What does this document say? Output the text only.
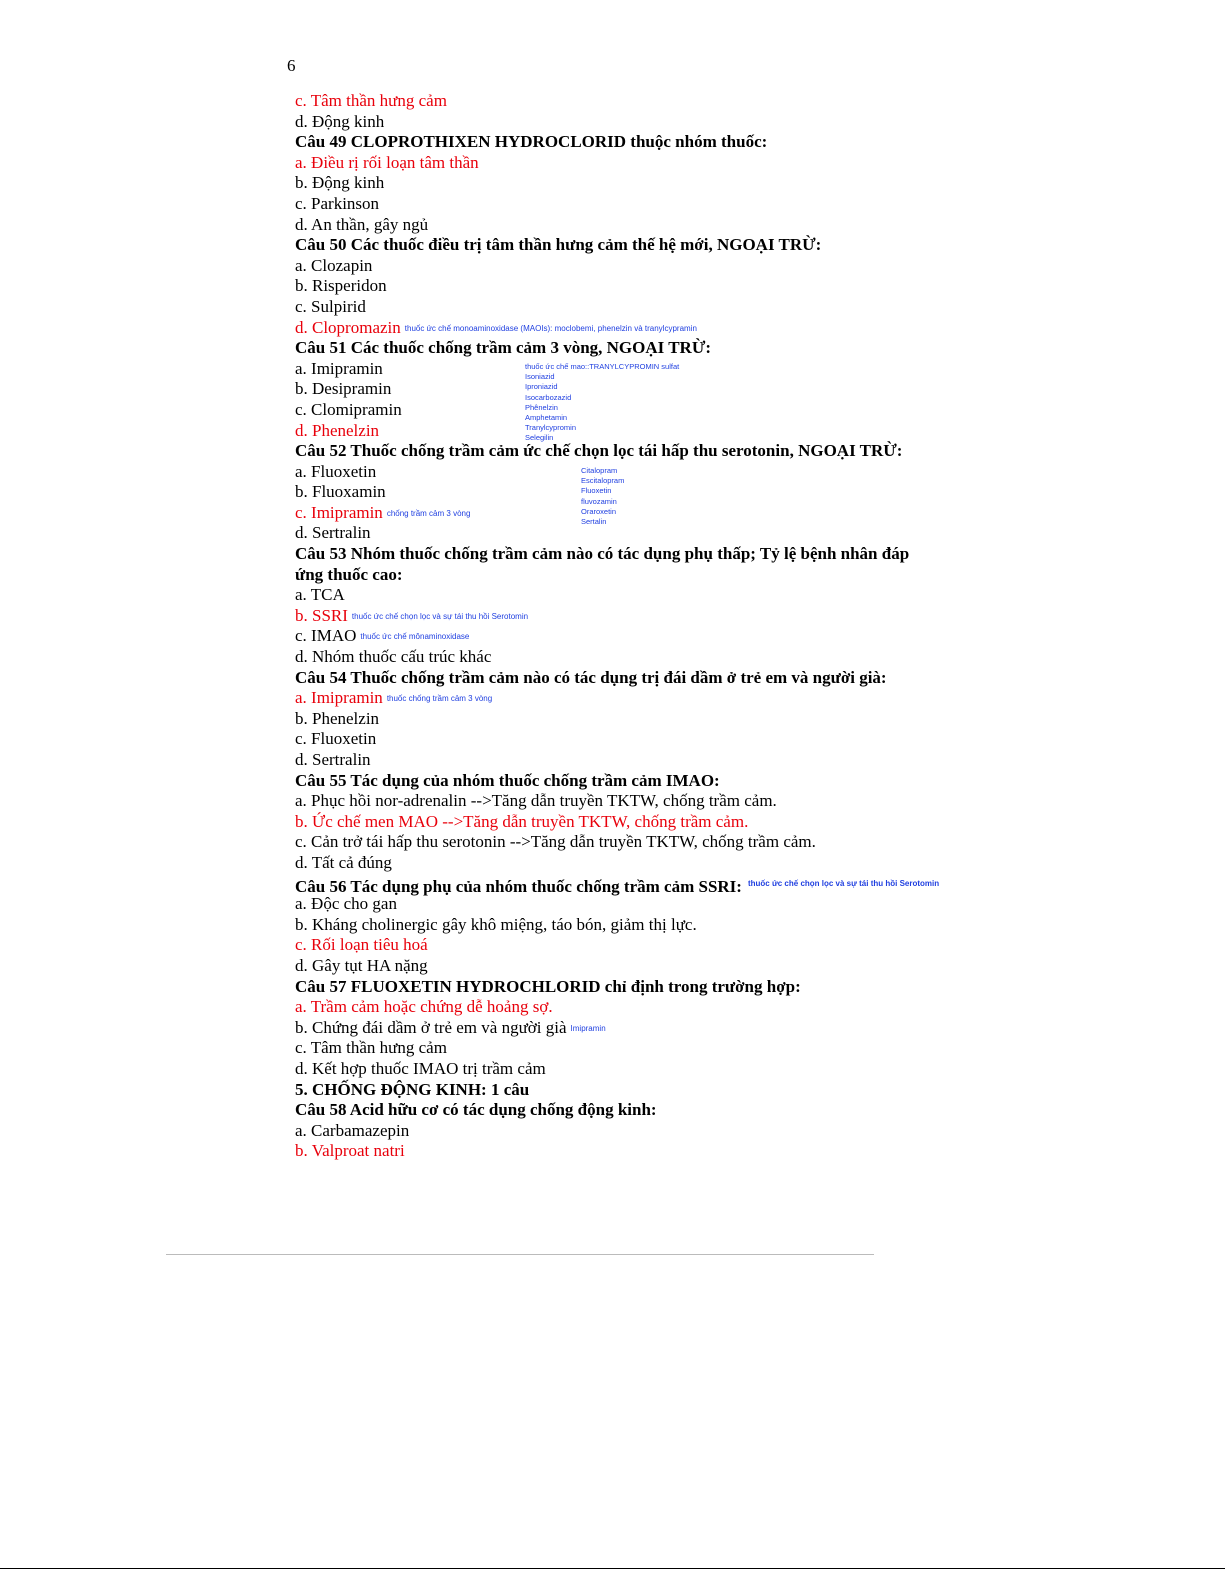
6
c. Tâm thần hưng cảm
d. Động kinh
Câu 49 CLOPROTHIXEN HYDROCLORID thuộc nhóm thuốc:
a. Điều rị rối loạn tâm thần
b. Động kinh
c. Parkinson
d. An thần, gây ngủ
Câu 50 Các thuốc điều trị tâm thần hưng cảm thế hệ mới, NGOẠI TRỪ:
a. Clozapin
b. Risperidon
c. Sulpirid
d. Clopromazin thuốc ức chế monoaminoxidase (MAOIs): moclobemi, phenelzin và tranylcypramin
Câu 51 Các thuốc chống trầm cảm 3 vòng, NGOẠI TRỪ:
a. Imipramin
b. Desipramin
c. Clomipramin
d. Phenelzin
Câu 52 Thuốc chống trầm cảm ức chế chọn lọc tái hấp thu serotonin, NGOẠI TRỪ:
a. Fluoxetin
b. Fluoxamin
c. Imipramin chống trầm cảm 3 vòng
d. Sertralin
Câu 53 Nhóm thuốc chống trầm cảm nào có tác dụng phụ thấp; Tỷ lệ bệnh nhân đáp
ứng thuốc cao:
a. TCA
b. SSRI thuốc ức chế chọn lọc và sự tái thu hồi Serotomin
c. IMAO thuốc ức chế mônaminoxidase
d. Nhóm thuốc cấu trúc khác
Câu 54 Thuốc chống trầm cảm nào có tác dụng trị đái dầm ở trẻ em và người già:
a. Imipramin thuốc chống trầm cảm 3 vòng
b. Phenelzin
c. Fluoxetin
d. Sertralin
Câu 55 Tác dụng của nhóm thuốc chống trầm cảm IMAO:
a. Phục hồi nor-adrenalin -->Tăng dẫn truyền TKTW, chống trầm cảm.
b. Ức chế men MAO -->Tăng dẫn truyền TKTW, chống trầm cảm.
c. Cản trở tái hấp thu serotonin -->Tăng dẫn truyền TKTW, chống trầm cảm.
d. Tất cả đúng
Câu 56 Tác dụng phụ của nhóm thuốc chống trầm cảm SSRI: $^{thuốc ức chế chọn lọc và sự tái thu hồi Serotomin}$
a. Độc cho gan
b. Kháng cholinergic gây khô miệng, táo bón, giảm thị lực.
c. Rối loạn tiêu hoá
d. Gây tụt HA nặng
Câu 57 FLUOXETIN HYDROCHLORID chỉ định trong trường hợp:
a. Trầm cảm hoặc chứng dễ hoảng sợ.
b. Chứng đái dầm ở trẻ em và người già Imipramin
c. Tâm thần hưng cảm
d. Kết hợp thuốc IMAO trị trầm cảm
5. CHỐNG ĐỘNG KINH: 1 câu
Câu 58 Acid hữu cơ có tác dụng chống động kinh:
a. Carbamazepin
b. Valproat natri
thuốc ức chế mao::TRANYLCYPROMIN sulfat
Isoniazid
Iproniazid
Isocarbozazid
Phênelzin
Amphetamin
Tranylcypromin
Selegilin
Citalopram
Escitalopram
Fluoxetin
fluvozamin
Oraroxetin
Sertalin
